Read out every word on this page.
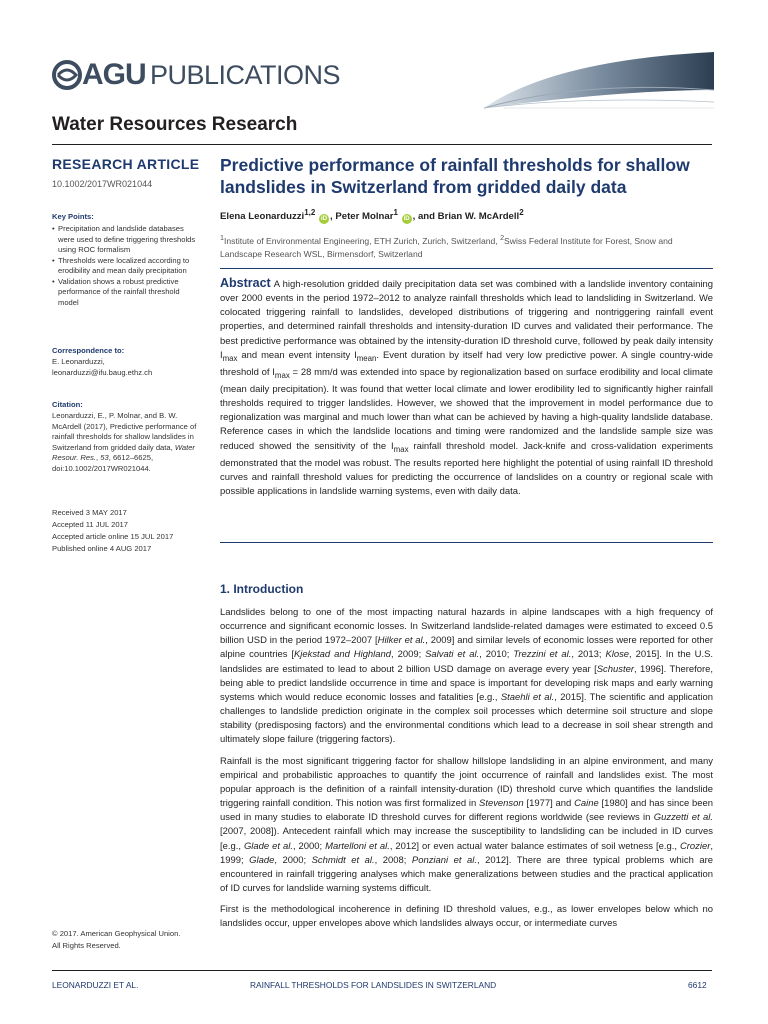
AGU PUBLICATIONS
Water Resources Research
RESEARCH ARTICLE
10.1002/2017WR021044
Predictive performance of rainfall thresholds for shallow landslides in Switzerland from gridded daily data
Elena Leonarduzzi$^{1,2}$ iD , Peter Molnar$^1$ iD , and Brian W. McArdell$^2$
$^1$Institute of Environmental Engineering, ETH Zurich, Zurich, Switzerland, $^2$Swiss Federal Institute for Forest, Snow and Landscape Research WSL, Birmensdorf, Switzerland
Abstract A high-resolution gridded daily precipitation data set was combined with a landslide inventory containing over 2000 events in the period 1972–2012 to analyze rainfall thresholds which lead to landsliding in Switzerland. We colocated triggering rainfall to landslides, developed distributions of triggering and nontriggering rainfall event properties, and determined rainfall thresholds and intensity-duration ID curves and validated their performance. The best predictive performance was obtained by the intensity-duration ID threshold curve, followed by peak daily intensity $I_{max}$ and mean event intensity $I_{mean}$. Event duration by itself had very low predictive power. A single country-wide threshold of $I_{max} = 28$ mm/d was extended into space by regionalization based on surface erodibility and local climate (mean daily precipitation). It was found that wetter local climate and lower erodibility led to significantly higher rainfall thresholds required to trigger landslides. However, we showed that the improvement in model performance due to regionalization was marginal and much lower than what can be achieved by having a high-quality landslide database. Reference cases in which the landslide locations and timing were randomized and the landslide sample size was reduced showed the sensitivity of the $I_{max}$ rainfall threshold model. Jack-knife and cross-validation experiments demonstrated that the model was robust. The results reported here highlight the potential of using rainfall ID threshold curves and rainfall threshold values for predicting the occurrence of landslides on a country or regional scale with possible applications in landslide warning systems, even with daily data.
Key Points:
• Precipitation and landslide databases were used to define triggering thresholds using ROC formalism
• Thresholds were localized according to erodibility and mean daily precipitation
• Validation shows a robust predictive performance of the rainfall threshold model
Correspondence to:
E. Leonarduzzi,
leonarduzzi@ifu.baug.ethz.ch
Citation:
Leonarduzzi, E., P. Molnar, and B. W. McArdell (2017), Predictive performance of rainfall thresholds for shallow landslides in Switzerland from gridded daily data, Water Resour. Res., 53, 6612–6625, doi:10.1002/2017WR021044.
Received 3 MAY 2017
Accepted 11 JUL 2017
Accepted article online 15 JUL 2017
Published online 4 AUG 2017
© 2017. American Geophysical Union.
All Rights Reserved.
1. Introduction

Landslides belong to one of the most impacting natural hazards in alpine landscapes with a high frequency of occurrence and significant economic losses. In Switzerland landslide-related damages were estimated to exceed 0.5 billion USD in the period 1972–2007 [Hilker et al., 2009] and similar levels of economic losses were reported for other alpine countries [Kjekstad and Highland, 2009; Salvati et al., 2010; Trezzini et al., 2013; Klose, 2015]. In the U.S. landslides are estimated to lead to about 2 billion USD damage on average every year [Schuster, 1996]. Therefore, being able to predict landslide occurrence in time and space is important for developing risk maps and early warning systems which would reduce economic losses and fatalities [e.g., Staehli et al., 2015]. The scientific and application challenges to landslide prediction originate in the complex soil processes which determine soil structure and slope stability (predisposing factors) and the environmental conditions which lead to a decrease in soil shear strength and ultimately slope failure (triggering factors).

Rainfall is the most significant triggering factor for shallow hillslope landsliding in an alpine environment, and many empirical and probabilistic approaches to quantify the joint occurrence of rainfall and landslides exist. The most popular approach is the definition of a rainfall intensity-duration (ID) threshold curve which quantifies the landslide triggering rainfall condition. This notion was first formalized in Stevenson [1977] and Caine [1980] and has since been used in many studies to elaborate ID threshold curves for different regions worldwide (see reviews in Guzzetti et al. [2007, 2008]). Antecedent rainfall which may increase the susceptibility to landsliding can be included in ID curves [e.g., Glade et al., 2000; Martelloni et al., 2012] or even actual water balance estimates of soil wetness [e.g., Crozier, 1999; Glade, 2000; Schmidt et al., 2008; Ponziani et al., 2012]. There are three typical problems which are encountered in rainfall triggering analyses which make generalizations between studies and the practical application of ID curves for landslide warning systems difficult.

First is the methodological incoherence in defining ID threshold values, e.g., as lower envelopes below which no landslides occur, upper envelopes above which landslides always occur, or intermediate curves

LEONARDUZZI ET AL.	RAINFALL THRESHOLDS FOR LANDSLIDES IN SWITZERLAND	6612
